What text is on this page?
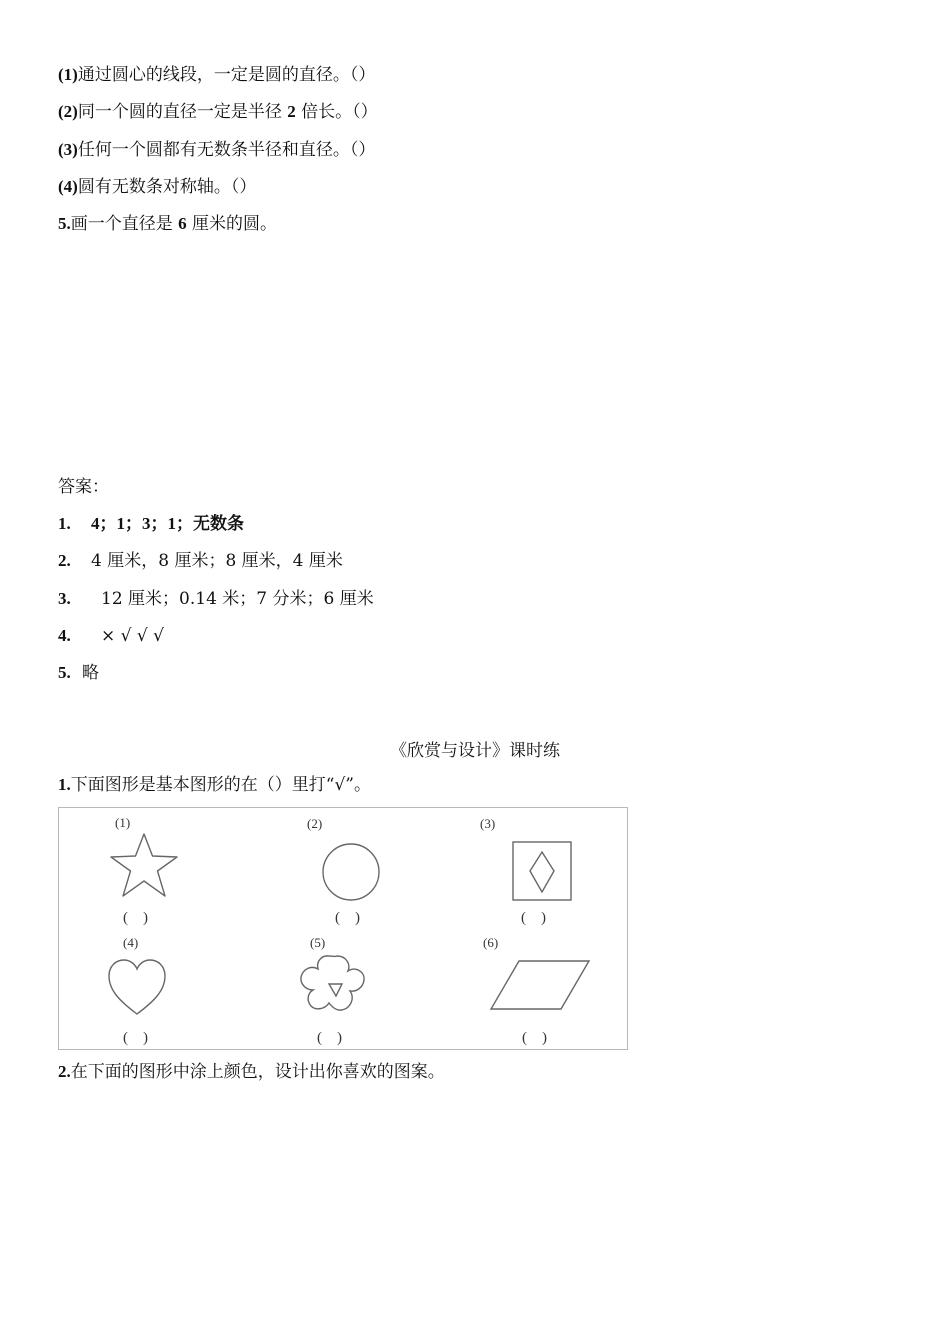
(1)通过圆心的线段，一定是圆的直径。（）
(2)同一个圆的直径一定是半径 2 倍长。（）
(3)任何一个圆都有无数条半径和直径。（）
(4)圆有无数条对称轴。（）
5.画一个直径是 6 厘米的圆。
答案：
1. 4；1；3；1；无数条
2. 4 厘米，8 厘米；8 厘米，4 厘米
3. 12 厘米；0.14 米；7 分米；6 厘米
4. × √ √ √
5. 略
《欣赏与设计》课时练
1.下面图形是基本图形的在（）里打“√”。
(1)	(2)	(3)
(　)	(　)	(　)
(4)	(5)	(6)
(　)	(　)	(　)
2.在下面的图形中涂上颜色，设计出你喜欢的图案。
